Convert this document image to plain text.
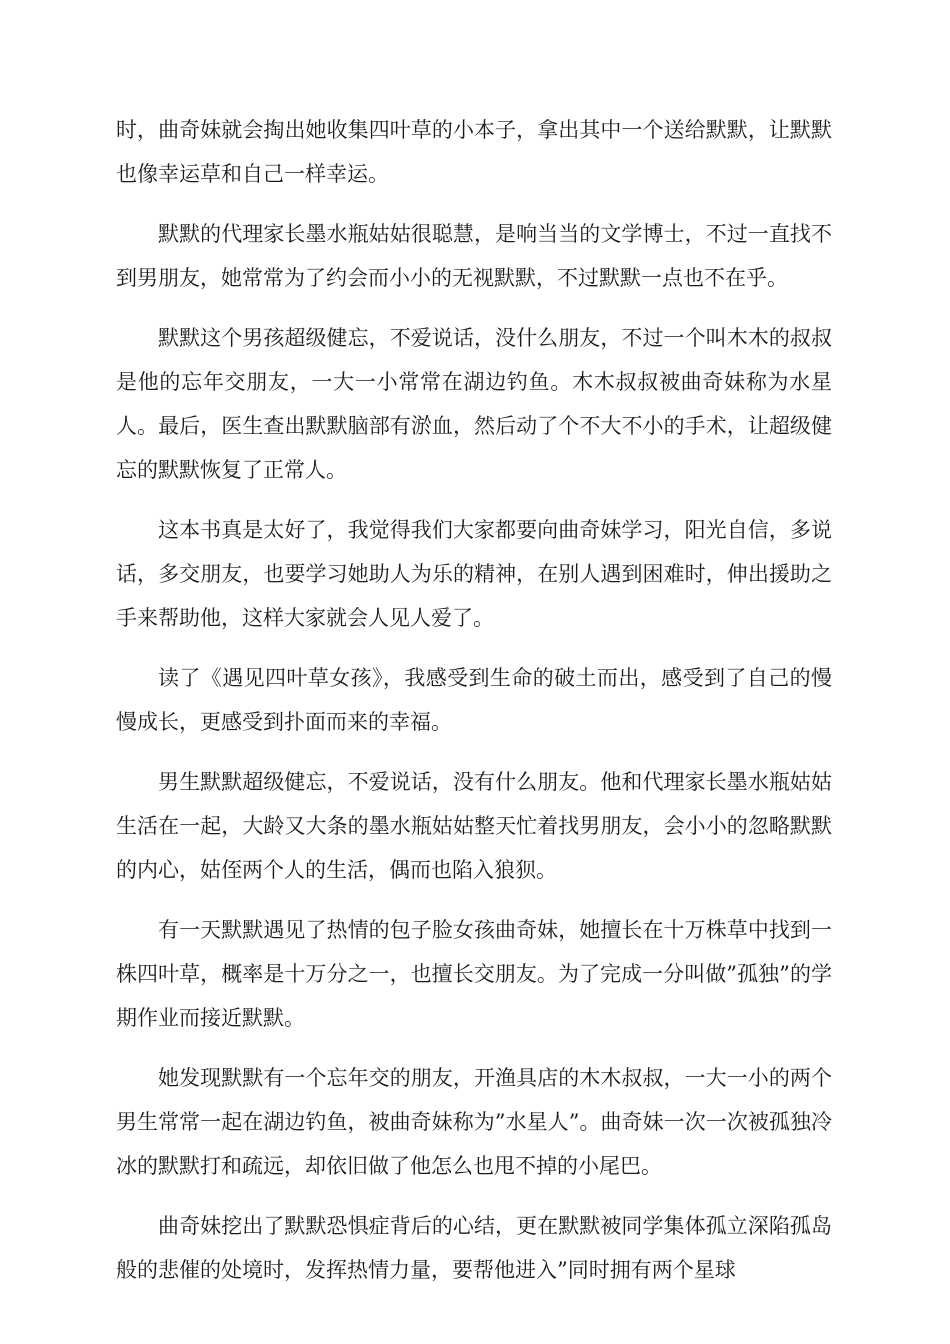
时，曲奇妹就会掏出她收集四叶草的小本子，拿出其中一个送给默默，让默默也像幸运草和自己一样幸运。

默默的代理家长墨水瓶姑姑很聪慧，是响当当的文学博士，不过一直找不到男朋友，她常常为了约会而小小的无视默默，不过默默一点也不在乎。

默默这个男孩超级健忘，不爱说话，没什么朋友，不过一个叫木木的叔叔是他的忘年交朋友，一大一小常常在湖边钓鱼。木木叔叔被曲奇妹称为水星人。最后，医生查出默默脑部有淤血，然后动了个不大不小的手术，让超级健忘的默默恢复了正常人。

这本书真是太好了，我觉得我们大家都要向曲奇妹学习，阳光自信，多说话，多交朋友，也要学习她助人为乐的精神，在别人遇到困难时，伸出援助之手来帮助他，这样大家就会人见人爱了。

读了《遇见四叶草女孩》，我感受到生命的破土而出，感受到了自己的慢慢成长，更感受到扑面而来的幸福。

男生默默超级健忘，不爱说话，没有什么朋友。他和代理家长墨水瓶姑姑生活在一起，大龄又大条的墨水瓶姑姑整天忙着找男朋友，会小小的忽略默默的内心，姑侄两个人的生活，偶而也陷入狼狈。

有一天默默遇见了热情的包子脸女孩曲奇妹，她擅长在十万株草中找到一株四叶草，概率是十万分之一，也擅长交朋友。为了完成一分叫做”孤独”的学期作业而接近默默。

她发现默默有一个忘年交的朋友，开渔具店的木木叔叔，一大一小的两个男生常常一起在湖边钓鱼，被曲奇妹称为”水星人”。曲奇妹一次一次被孤独冷冰的默默打和疏远，却依旧做了他怎么也甩不掉的小尾巴。

曲奇妹挖出了默默恐惧症背后的心结，更在默默被同学集体孤立深陷孤岛般的悲催的处境时，发挥热情力量，要帮他进入”同时拥有两个星球
